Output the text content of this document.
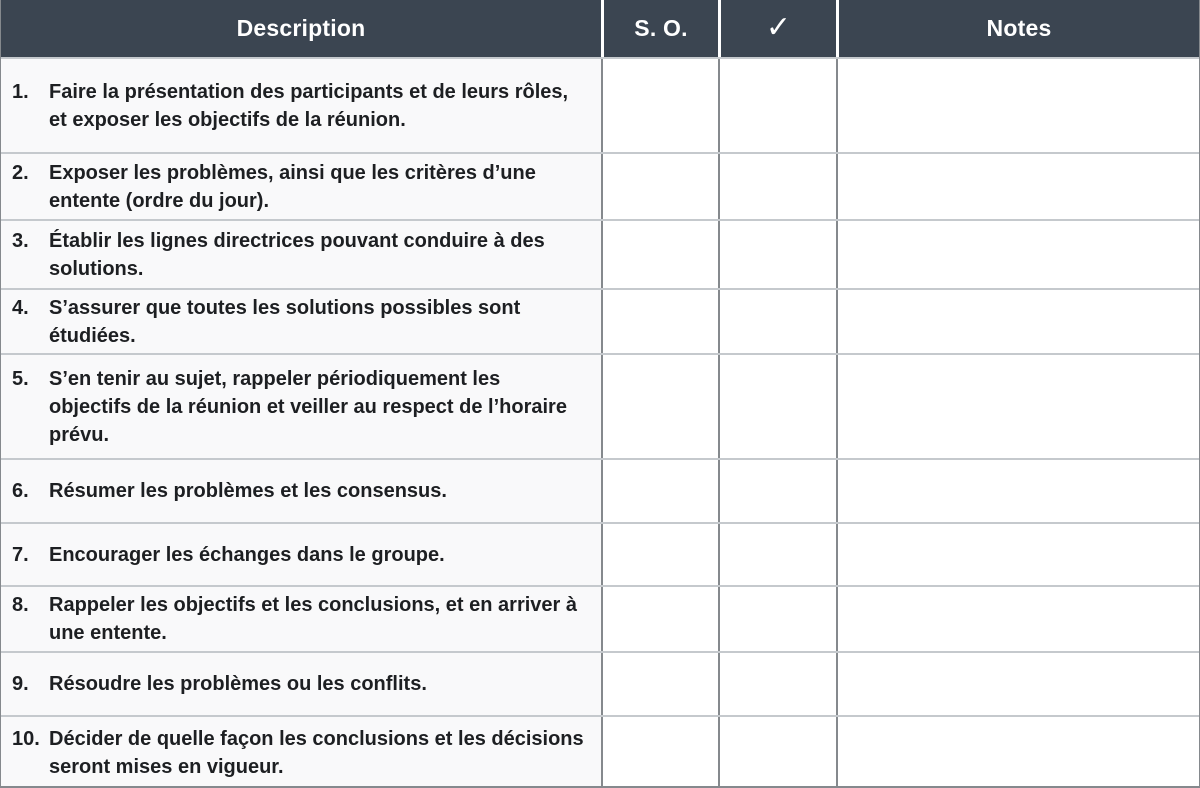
Description	S. O.	✓	Notes
1.	Faire la présentation des participants et de leurs rôles, et exposer les objectifs de la réunion.
2.	Exposer les problèmes, ainsi que les critères d’une entente (ordre du jour).
3.	Établir les lignes directrices pouvant conduire à des solutions.
4.	S’assurer que toutes les solutions possibles sont étudiées.
5.	S’en tenir au sujet, rappeler périodiquement les objectifs de la réunion et veiller au respect de l’horaire prévu.
6.	Résumer les problèmes et les consensus.
7.	Encourager les échanges dans le groupe.
8.	Rappeler les objectifs et les conclusions, et en arriver à une entente.
9.	Résoudre les problèmes ou les conflits.
10. Décider de quelle façon les conclusions et les décisions seront mises en vigueur.
